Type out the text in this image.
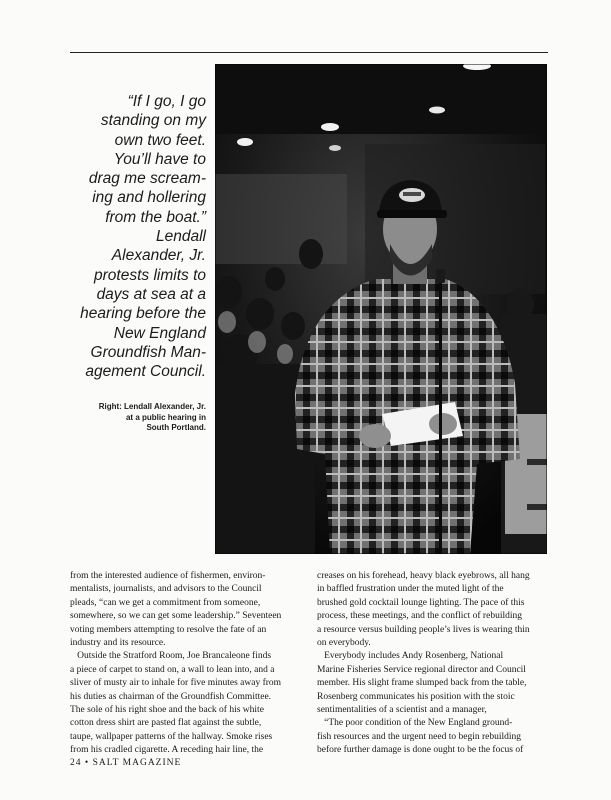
“If I go, I go
standing on my
own two feet.
You’ll have to
drag me scream-
ing and hollering
from the boat.”
Lendall
Alexander, Jr.
protests limits to
days at sea at a
hearing before the
New England
Groundfish Man-
agement Council.
Right: Lendall Alexander, Jr.
at a public hearing in
South Portland.
from the interested audience of fishermen, environ-
mentalists, journalists, and advisors to the Council
pleads, “can we get a commitment from someone,
somewhere, so we can get some leadership.” Seventeen
voting members attempting to resolve the fate of an
industry and its resource.
Outside the Stratford Room, Joe Brancaleone finds
a piece of carpet to stand on, a wall to lean into, and a
sliver of musty air to inhale for five minutes away from
his duties as chairman of the Groundfish Committee.
The sole of his right shoe and the back of his white
cotton dress shirt are pasted flat against the subtle,
taupe, wallpaper patterns of the hallway. Smoke rises
from his cradled cigarette. A receding hair line, the
creases on his forehead, heavy black eyebrows, all hang
in baffled frustration under the muted light of the
brushed gold cocktail lounge lighting. The pace of this
process, these meetings, and the conflict of rebuilding
a resource versus building people’s lives is wearing thin
on everybody.
Everybody includes Andy Rosenberg, National
Marine Fisheries Service regional director and Council
member. His slight frame slumped back from the table,
Rosenberg communicates his position with the stoic
sentimentalities of a scientist and a manager,
“The poor condition of the New England ground-
fish resources and the urgent need to begin rebuilding
before further damage is done ought to be the focus of
24 • SALT MAGAZINE
